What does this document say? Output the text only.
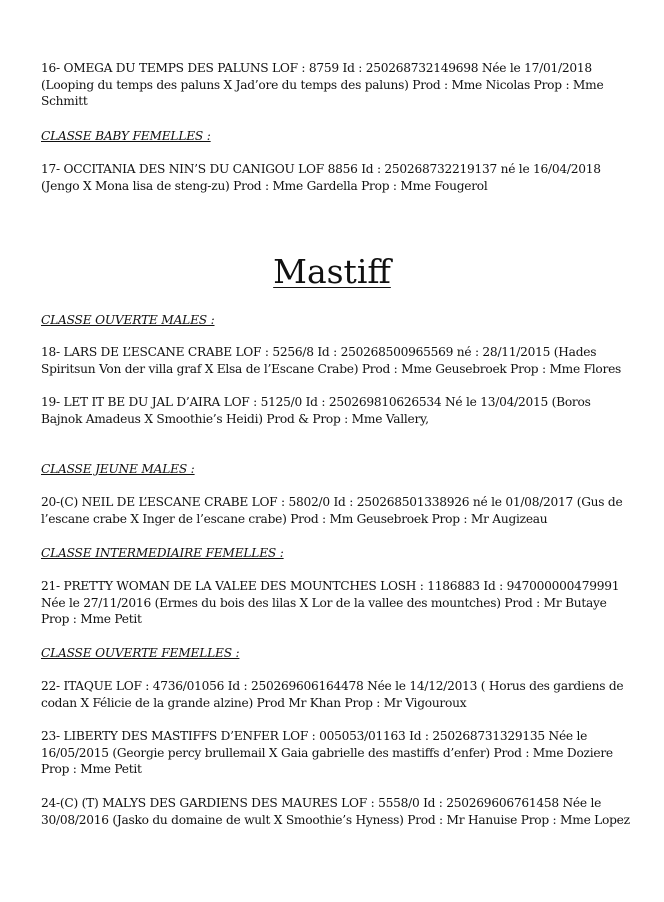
16- OMEGA DU TEMPS DES PALUNS LOF : 8759 Id : 250268732149698 Née le 17/01/2018 (Looping du temps des paluns X Jad’ore du temps des paluns) Prod : Mme Nicolas Prop : Mme Schmitt

CLASSE BABY FEMELLES :

17- OCCITANIA DES NIN’S DU CANIGOU LOF 8856 Id : 250268732219137 né le 16/04/2018 (Jengo X Mona lisa de steng-zu) Prod : Mme Gardella Prop : Mme Fougerol

Mastiff

CLASSE OUVERTE MALES :

18- LARS DE L’ESCANE CRABE LOF : 5256/8 Id : 250268500965569 né : 28/11/2015 (Hades Spiritsun Von der villa graf X Elsa de l’Escane Crabe) Prod : Mme Geusebroek Prop : Mme Flores

19- LET IT BE DU JAL D’AIRA LOF : 5125/0 Id : 250269810626534 Né le 13/04/2015 (Boros Bajnok Amadeus X Smoothie’s Heidi) Prod & Prop : Mme Vallery,

CLASSE JEUNE MALES :

20-(C) NEIL DE L’ESCANE CRABE LOF : 5802/0 Id : 250268501338926 né le 01/08/2017 (Gus de l’escane crabe X Inger de l’escane crabe) Prod : Mm Geusebroek Prop : Mr Augizeau

CLASSE INTERMEDIAIRE FEMELLES :

21- PRETTY WOMAN DE LA VALEE DES MOUNTCHES LOSH : 1186883 Id : 947000000479991 Née le 27/11/2016 (Ermes du bois des lilas X Lor de la vallee des mountches) Prod : Mr Butaye Prop : Mme Petit

CLASSE OUVERTE FEMELLES :

22- ITAQUE LOF : 4736/01056 Id : 250269606164478 Née le 14/12/2013 ( Horus des gardiens de codan X Félicie de la grande alzine) Prod Mr Khan Prop : Mr Vigouroux

23- LIBERTY DES MASTIFFS D’ENFER LOF : 005053/01163 Id : 250268731329135 Née le 16/05/2015 (Georgie percy brullemail X Gaia gabrielle des mastiffs d’enfer) Prod : Mme Doziere Prop : Mme Petit

24-(C) (T) MALYS DES GARDIENS DES MAURES LOF : 5558/0 Id : 250269606761458 Née le 30/08/2016 (Jasko du domaine de wult X Smoothie’s Hyness) Prod : Mr Hanuise Prop : Mme Lopez
